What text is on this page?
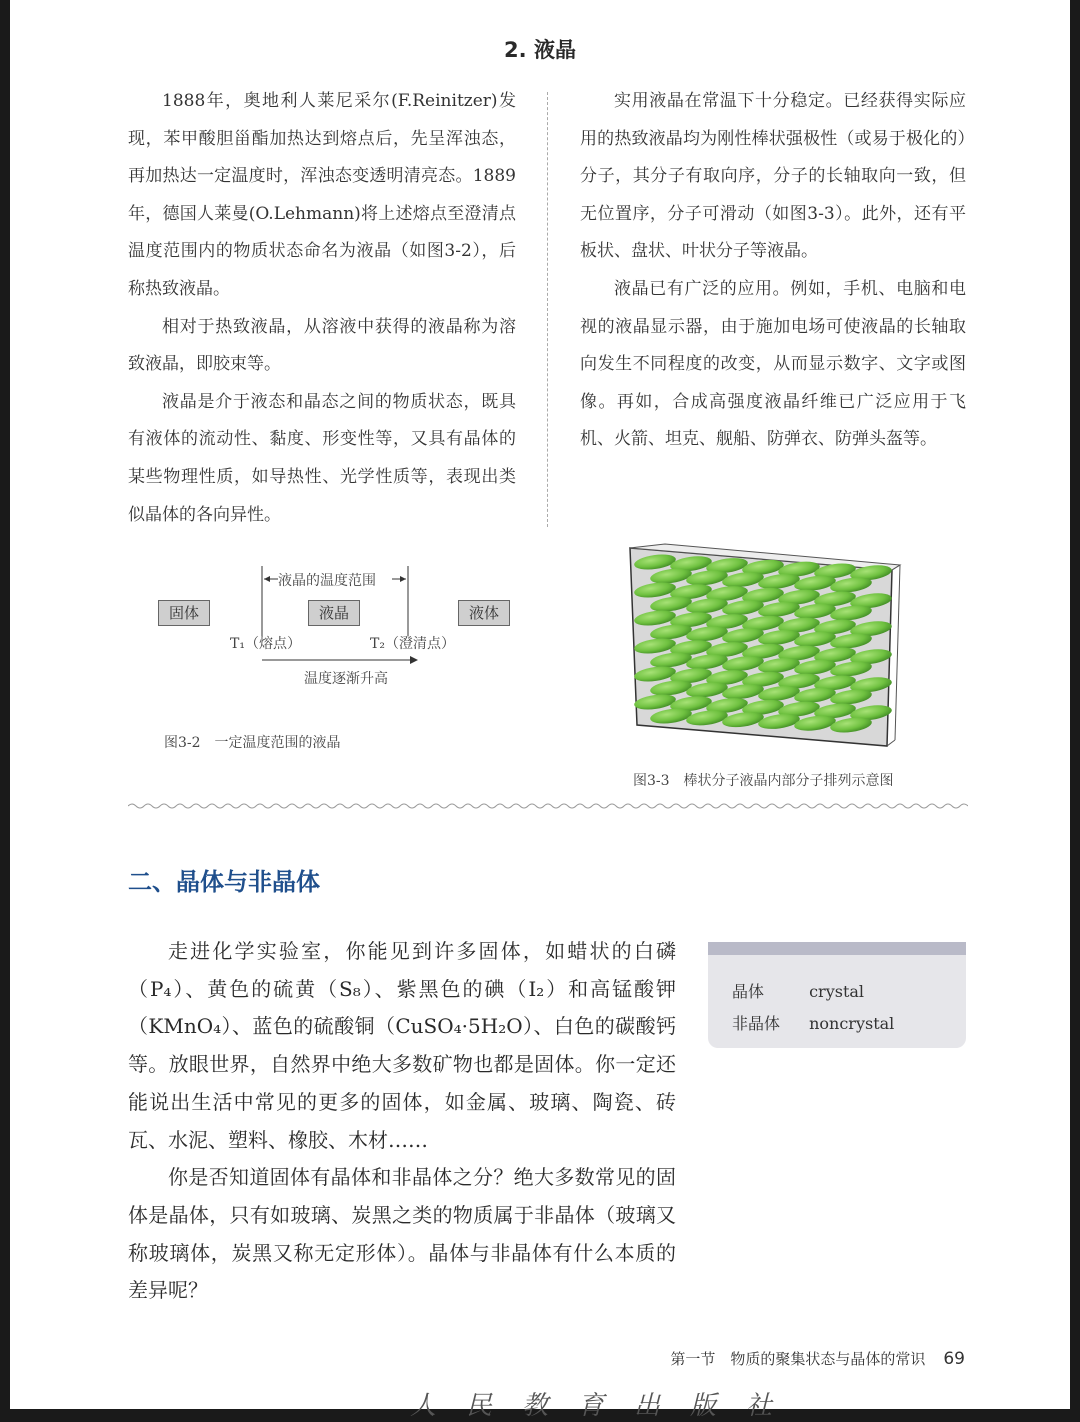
2. 液晶

1888年，奥地利人莱尼采尔(F.Reinitzer)发现，苯甲酸胆甾酯加热达到熔点后，先呈浑浊态，再加热达一定温度时，浑浊态变透明清亮态。1889年，德国人莱曼(O.Lehmann)将上述熔点至澄清点温度范围内的物质状态命名为液晶（如图3-2），后称热致液晶。

相对于热致液晶，从溶液中获得的液晶称为溶致液晶，即胶束等。

液晶是介于液态和晶态之间的物质状态，既具有液体的流动性、黏度、形变性等，又具有晶体的某些物理性质，如导热性、光学性质等，表现出类似晶体的各向异性。

实用液晶在常温下十分稳定。已经获得实际应用的热致液晶均为刚性棒状强极性（或易于极化的）分子，其分子有取向序，分子的长轴取向一致，但无位置序，分子可滑动（如图3-3）。此外，还有平板状、盘状、叶状分子等液晶。

液晶已有广泛的应用。例如，手机、电脑和电视的液晶显示器，由于施加电场可使液晶的长轴取向发生不同程度的改变，从而显示数字、文字或图像。再如，合成高强度液晶纤维已广泛应用于飞机、火箭、坦克、舰船、防弹衣、防弹头盔等。

液晶的温度范围
固体	液晶	液体
T₁（熔点）	T₂（澄清点）
温度逐渐升高
图3-2　一定温度范围的液晶
图3-3　棒状分子液晶内部分子排列示意图
二、晶体与非晶体

走进化学实验室，你能见到许多固体，如蜡状的白磷（P₄）、黄色的硫黄（S₈）、紫黑色的碘（I₂）和高锰酸钾（KMnO₄）、蓝色的硫酸铜（CuSO₄·5H₂O）、白色的碳酸钙等。放眼世界，自然界中绝大多数矿物也都是固体。你一定还能说出生活中常见的更多的固体，如金属、玻璃、陶瓷、砖瓦、水泥、塑料、橡胶、木材……

你是否知道固体有晶体和非晶体之分？绝大多数常见的固体是晶体，只有如玻璃、炭黑之类的物质属于非晶体（玻璃又称玻璃体，炭黑又称无定形体）。晶体与非晶体有什么本质的差异呢？

晶体	crystal
非晶体 noncrystal
第一节　物质的聚集状态与晶体的常识 69
人民教育出版社
